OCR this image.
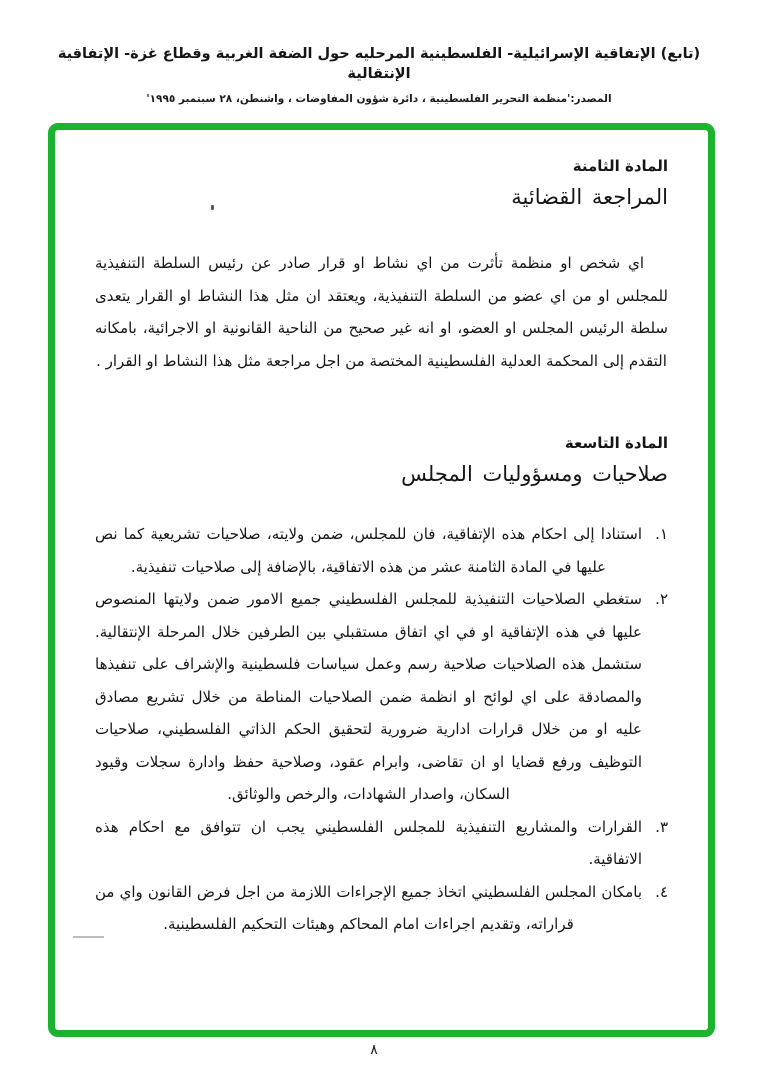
(تابع) الإتفاقية الإسرائيلية- الفلسطينية المرحليه حول الضفة الغربية وقطاع غزة- الإتفاقية الإنتقالية
المصدر:'منظمة التحرير الفلسطينية ، دائرة شؤون المفاوضات ، واشنطن، ٢٨ سبتمبر ١٩٩٥'
المادة الثامنة
المراجعة القضائية

اي شخص او منظمة تأثرت من اي نشاط او قرار صادر عن رئيس السلطة التنفيذية للمجلس او من اي عضو من السلطة التنفيذية، ويعتقد ان مثل هذا النشاط او القرار يتعدى سلطة الرئيس المجلس او العضو، او انه غير صحيح من الناحية القانونية او الاجرائية، بامكانه التقدم إلى المحكمة العدلية الفلسطينية المختصة من اجل مراجعة مثل هذا النشاط او القرار .

المادة التاسعة
صلاحيات ومسؤوليات المجلس
١.
استنادا إلى احكام هذه الإتفاقية، فان للمجلس، ضمن ولايته، صلاحيات تشريعية كما نص عليها في المادة الثامنة عشر من هذه الاتفاقية، بالإضافة إلى صلاحيات تنفيذية.
٢.
ستغطي الصلاحيات التنفيذية للمجلس الفلسطيني جميع الامور ضمن ولايتها المنصوص عليها في هذه الإتفاقية او في اي اتفاق مستقبلي بين الطرفين خلال المرحلة الإنتقالية. ستشمل هذه الصلاحيات صلاحية رسم وعمل سياسات فلسطينية والإشراف على تنفيذها والمصادقة على اي لوائح او انظمة ضمن الصلاحيات المناطة من خلال تشريع مصادق عليه او من خلال قرارات ادارية ضرورية لتحقيق الحكم الذاتي الفلسطيني، صلاحيات التوظيف ورفع قضايا او ان تقاضى، وابرام عقود، وصلاحية حفظ وادارة سجلات وقيود السكان، واصدار الشهادات، والرخص والوثائق.
٣.
القرارات والمشاريع التنفيذية للمجلس الفلسطيني يجب ان تتوافق مع احكام هذه الاتفاقية.
٤.
بامكان المجلس الفلسطيني اتخاذ جميع الإجراءات اللازمة من اجل فرض القانون واي من قراراته، وتقديم اجراءات امام المحاكم وهيئات التحكيم الفلسطينية.
٨
